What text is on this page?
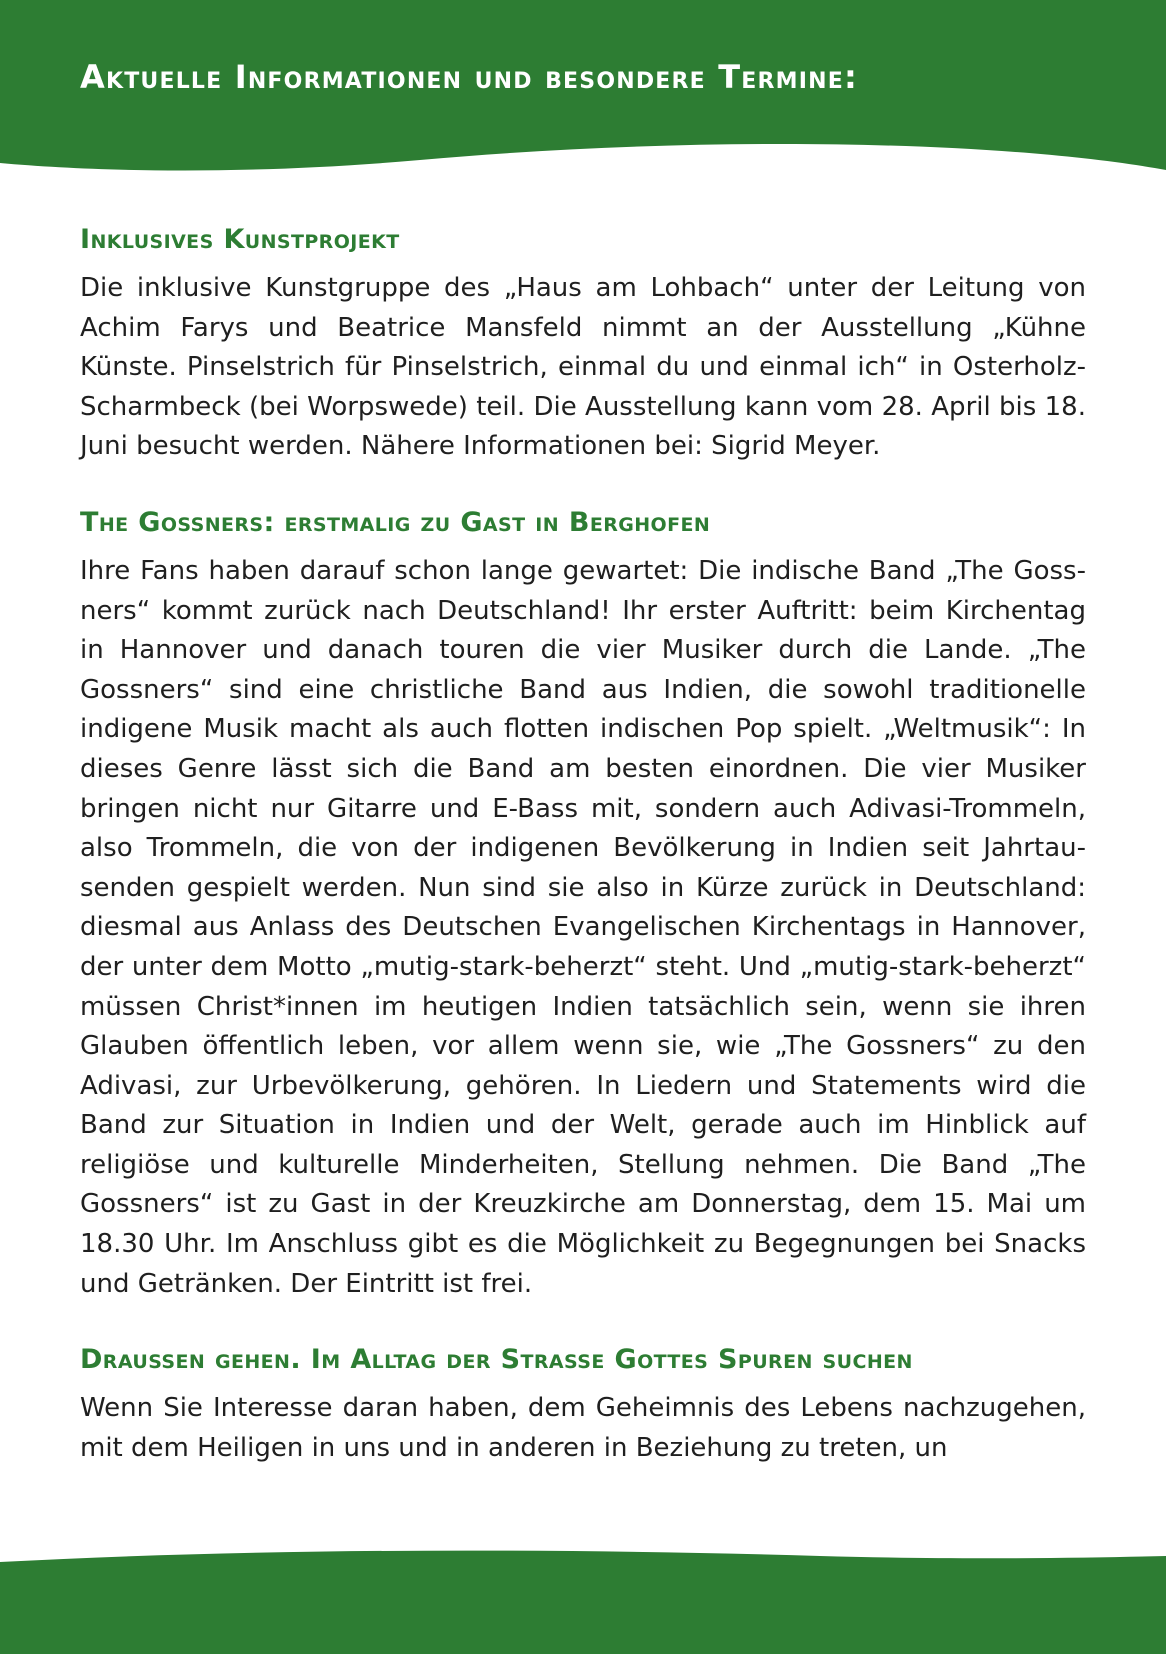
Aktuelle Informationen und besondere Termine:
Inklusives Kunstprojekt

Die inklusive Kunstgruppe des „Haus am Lohbach“ unter der Leitung von Achim Farys und Beatrice Mansfeld nimmt an der Ausstellung „Kühne Künste. Pinselstrich für Pinselstrich, einmal du und einmal ich“ in Osterholz-Scharmbeck (bei Worpswede) teil. Die Ausstellung kann vom 28. April bis 18. Juni besucht werden. Nähere Informationen bei: Sigrid Meyer.

The Gossners: erstmalig zu Gast in Berghofen

Ihre Fans haben darauf schon lange gewartet: Die indische Band „The Gossners“ kommt zurück nach Deutschland! Ihr erster Auftritt: beim Kirchentag in Hannover und danach touren die vier Musiker durch die Lande. „The Gossners“ sind eine christliche Band aus Indien, die sowohl traditionelle indigene Musik macht als auch flotten indischen Pop spielt. „Weltmusik“: In dieses Genre lässt sich die Band am besten einordnen. Die vier Musiker bringen nicht nur Gitarre und E-Bass mit, sondern auch Adivasi-Trommeln, also Trommeln, die von der indigenen Bevölkerung in Indien seit Jahrtausenden gespielt werden. Nun sind sie also in Kürze zurück in Deutschland: diesmal aus Anlass des Deutschen Evangelischen Kirchentags in Hannover, der unter dem Motto „mutig-stark-beherzt“ steht. Und „mutig-stark-beherzt“ müssen Christ*innen im heutigen Indien tatsächlich sein, wenn sie ihren Glauben öffentlich leben, vor allem wenn sie, wie „The Gossners“ zu den Adivasi, zur Urbevölkerung, gehören. In Liedern und Statements wird die Band zur Situation in Indien und der Welt, gerade auch im Hinblick auf religiöse und kulturelle Minderheiten, Stellung nehmen. Die Band „The Gossners“ ist zu Gast in der Kreuzkirche am Donnerstag, dem 15. Mai um 18.30 Uhr. Im Anschluss gibt es die Möglichkeit zu Begegnungen bei Snacks und Getränken. Der Eintritt ist frei.

Draussen gehen. Im Alltag der Strasse Gottes Spuren suchen

Wenn Sie Interesse daran haben, dem Geheimnis des Lebens nachzugehen, mit dem Heiligen in uns und in anderen in Beziehung zu treten, un
